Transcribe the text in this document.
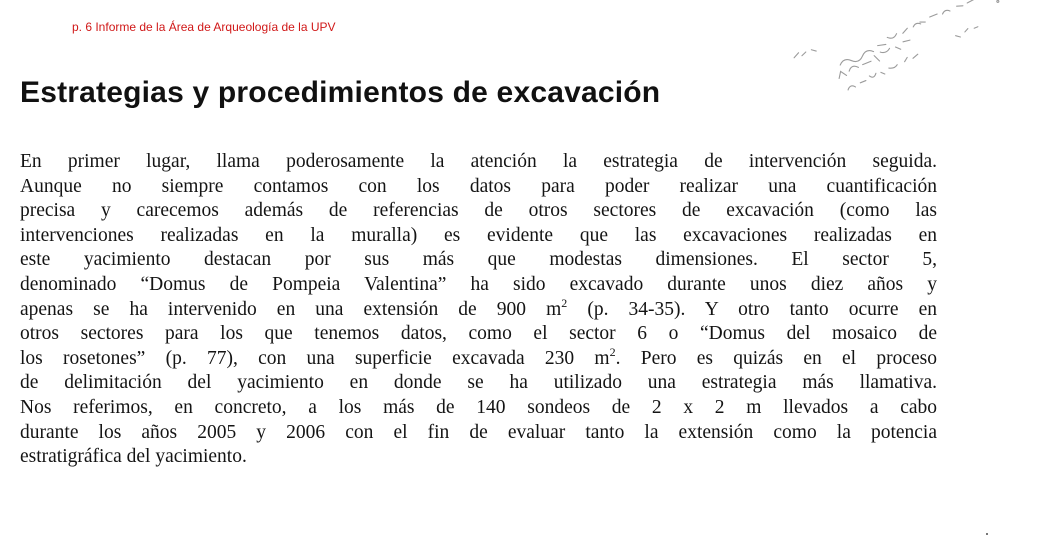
p. 6 Informe de la Área de Arqueología de la UPV
Estrategias y procedimientos de excavación
En primer lugar, llama poderosamente la atención la estrategia de intervención seguida.
Aunque no siempre contamos con los datos para poder realizar una cuantificación
precisa y carecemos además de referencias de otros sectores de excavación (como las
intervenciones realizadas en la muralla) es evidente que las excavaciones realizadas en
este yacimiento destacan por sus más que modestas dimensiones. El sector 5,
denominado “Domus de Pompeia Valentina” ha sido excavado durante unos diez años y
apenas se ha intervenido en una extensión de 900 $m^2$ (p. 34-35). Y otro tanto ocurre en
otros sectores para los que tenemos datos, como el sector 6 o “Domus del mosaico de
los rosetones” (p. 77), con una superficie excavada 230 $m^2$. Pero es quizás en el proceso
de delimitación del yacimiento en donde se ha utilizado una estrategia más llamativa.
Nos referimos, en concreto, a los más de 140 sondeos de 2 x 2 m llevados a cabo
durante los años 2005 y 2006 con el fin de evaluar tanto la extensión como la potencia
estratigráfica del yacimiento.
